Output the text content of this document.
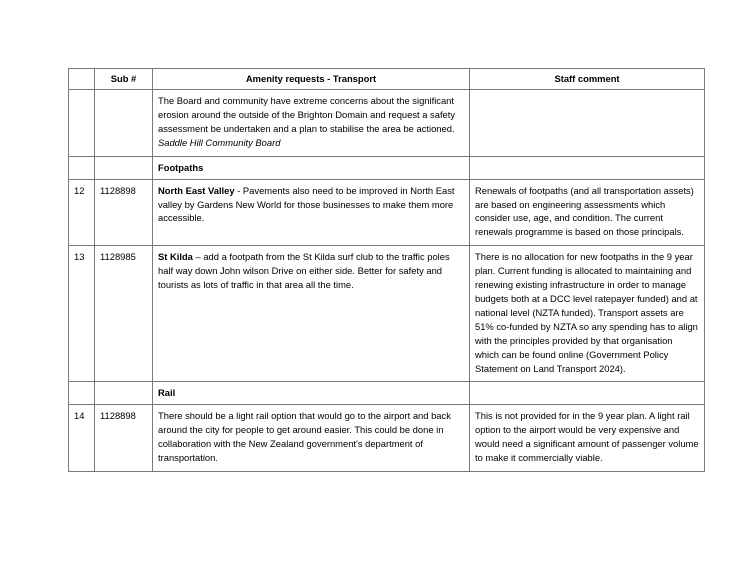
	Sub #	Amenity requests - Transport	Staff comment
		The Board and community have extreme concerns about the significant erosion around the outside of the Brighton Domain and request a safety assessment be undertaken and a plan to stabilise the area be actioned.
Saddle Hill Community Board	
		Footpaths	
12	1128898	North East Valley - Pavements also need to be improved in North East valley by Gardens New World for those businesses to make them more accessible.	Renewals of footpaths (and all transportation assets) are based on engineering assessments which consider use, age, and condition. The current renewals programme is based on those principals.
13	1128985	St Kilda – add a footpath from the St Kilda surf club to the traffic poles half way down John wilson Drive on either side. Better for safety and tourists as lots of traffic in that area all the time.	There is no allocation for new footpaths in the 9 year plan. Current funding is allocated to maintaining and renewing existing infrastructure in order to manage budgets both at a DCC level ratepayer funded) and at national level (NZTA funded). Transport assets are 51% co-funded by NZTA so any spending has to align with the principles provided by that organisation which can be found online (Government Policy Statement on Land Transport 2024).
		Rail	
14	1128898	There should be a light rail option that would go to the airport and back around the city for people to get around easier. This could be done in collaboration with the New Zealand government's department of transportation.	This is not provided for in the 9 year plan. A light rail option to the airport would be very expensive and would need a significant amount of passenger volume to make it commercially viable.
